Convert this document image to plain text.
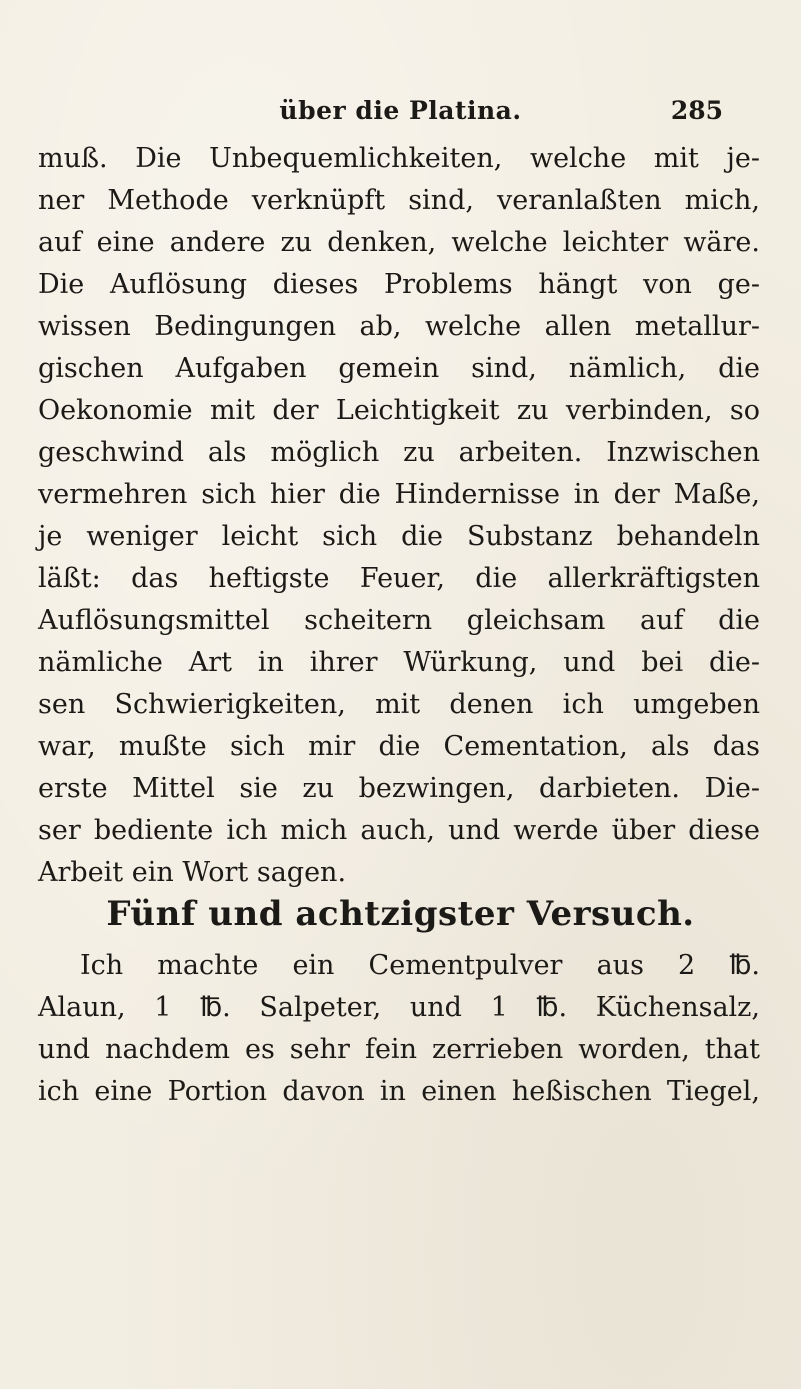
über die Platina.	285
muß. Die Unbequemlichkeiten, welche mit je-
ner Methode verknüpft sind, veranlaßten mich,
auf eine andere zu denken, welche leichter wäre.
Die Auflösung dieses Problems hängt von ge-
wissen Bedingungen ab, welche allen metallur-
gischen Aufgaben gemein sind, nämlich, die
Oekonomie mit der Leichtigkeit zu verbinden, so
geschwind als möglich zu arbeiten. Inzwischen
vermehren sich hier die Hindernisse in der Maße,
je weniger leicht sich die Substanz behandeln
läßt: das heftigste Feuer, die allerkräftigsten
Auflösungsmittel scheitern gleichsam auf die
nämliche Art in ihrer Würkung, und bei die-
sen Schwierigkeiten, mit denen ich umgeben
war, mußte sich mir die Cementation, als das
erste Mittel sie zu bezwingen, darbieten. Die-
ser bediente ich mich auch, und werde über diese
Arbeit ein Wort sagen.
Fünf und achtzigster Versuch.
Ich machte ein Cementpulver aus 2 ℔.
Alaun, 1 ℔. Salpeter, und 1 ℔. Küchensalz,
und nachdem es sehr fein zerrieben worden, that
ich eine Portion davon in einen heßischen Tiegel,
